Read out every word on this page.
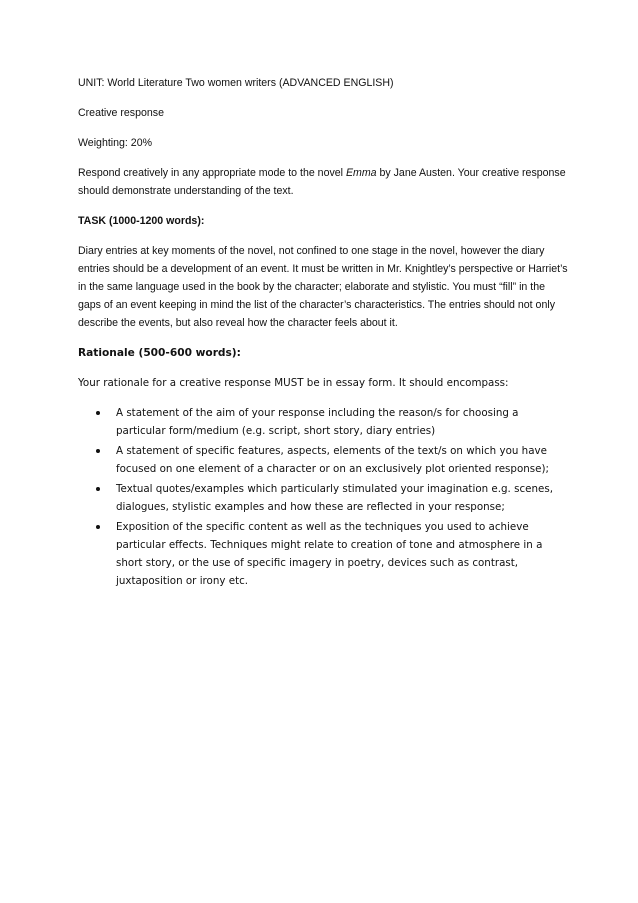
UNIT: World Literature Two women writers (ADVANCED ENGLISH)

Creative response

Weighting: 20%

Respond creatively in any appropriate mode to the novel Emma by Jane Austen. Your creative response should demonstrate understanding of the text.

TASK (1000-1200 words):

Diary entries at key moments of the novel, not confined to one stage in the novel, however the diary entries should be a development of an event. It must be written in Mr. Knightley’s perspective or Harriet’s in the same language used in the book by the character; elaborate and stylistic. You must “fill” in the gaps of an event keeping in mind the list of the character’s characteristics. The entries should not only describe the events, but also reveal how the character feels about it.

Rationale (500-600 words):

Your rationale for a creative response MUST be in essay form. It should encompass:

A statement of the aim of your response including the reason/s for choosing a particular form/medium (e.g. script, short story, diary entries)
A statement of specific features, aspects, elements of the text/s on which you have focused on one element of a character or on an exclusively plot oriented response);
Textual quotes/examples which particularly stimulated your imagination e.g. scenes, dialogues, stylistic examples and how these are reflected in your response;
Exposition of the specific content as well as the techniques you used to achieve particular effects. Techniques might relate to creation of tone and atmosphere in a short story, or the use of specific imagery in poetry, devices such as contrast, juxtaposition or irony etc.
